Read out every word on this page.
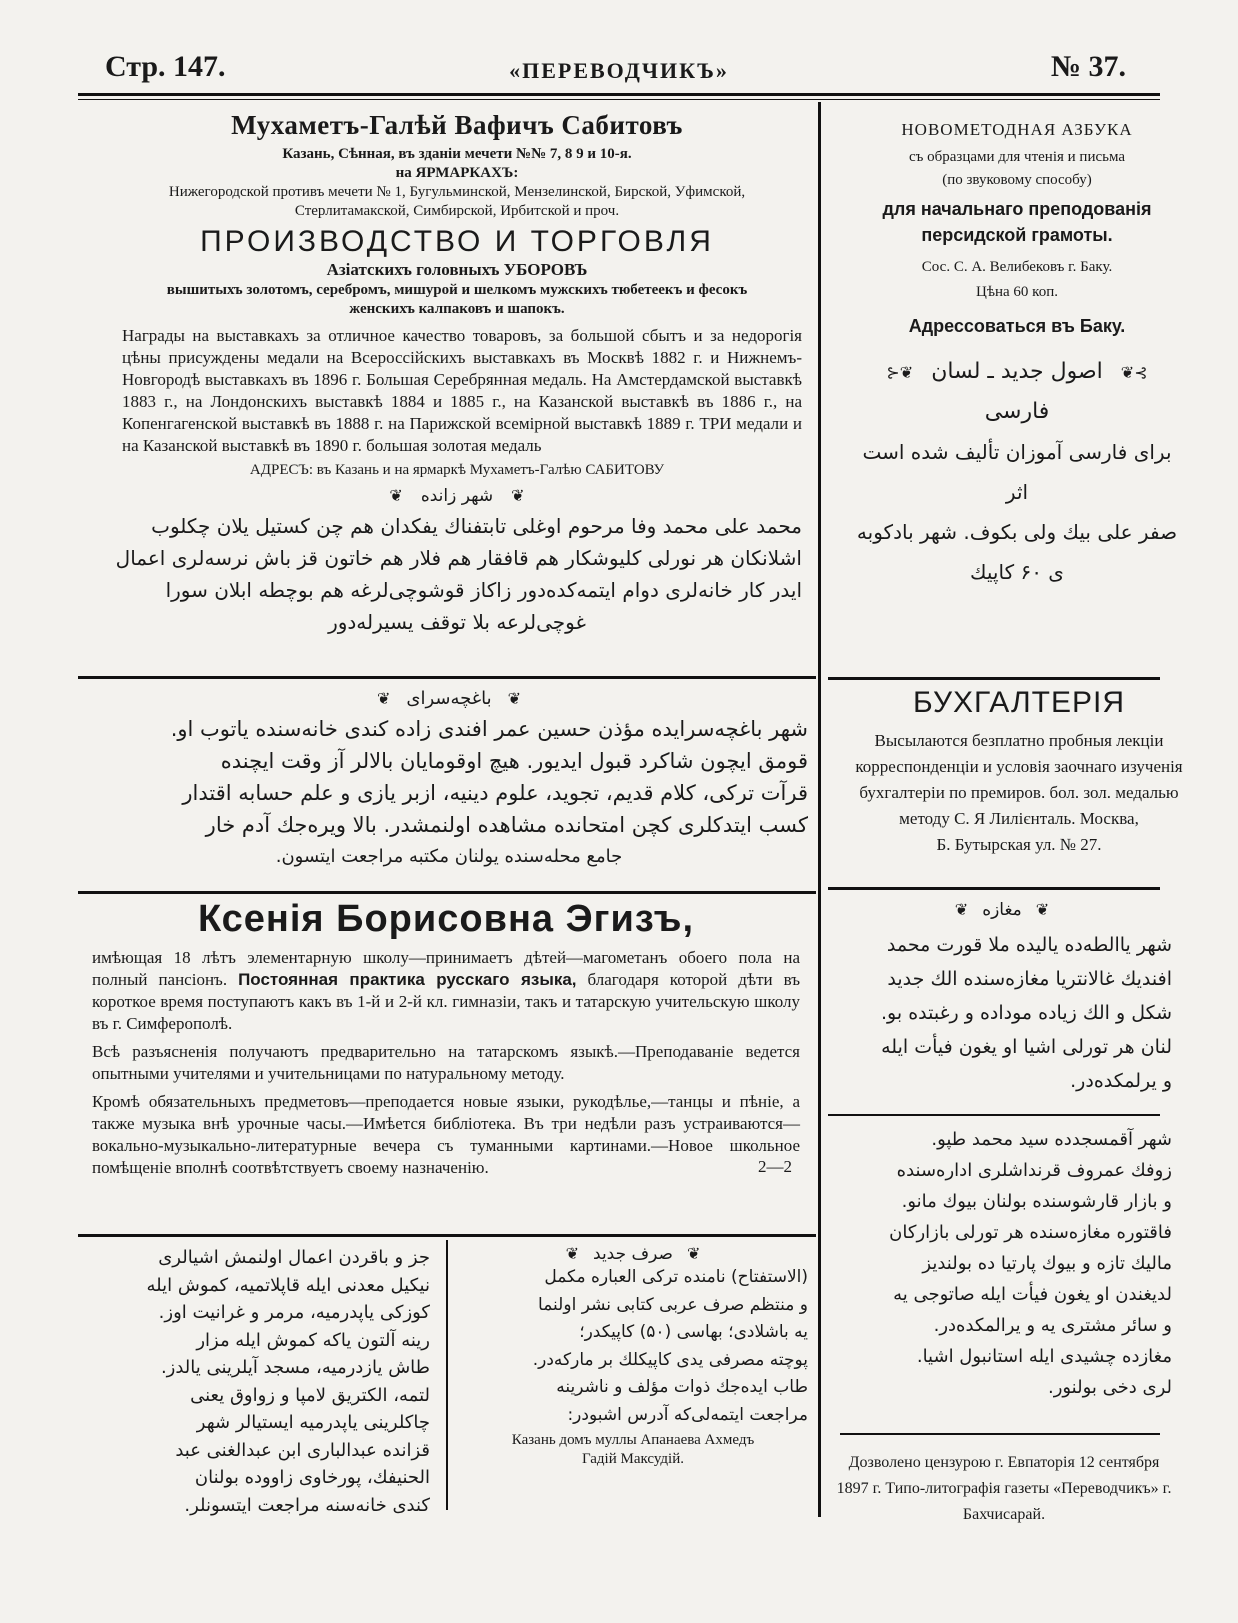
Стр. 147.	«ПЕРЕВОДЧИКЪ»	№ 37.
Мухаметъ-Галѣй Вафичъ Сабитовъ
Казань, Сѣнная, въ зданіи мечети №№ 7, 8 9 и 10-я.
на ЯРМАРКАХЪ:
Нижегородской противъ мечети № 1, Бугульминской, Мензелинской, Бирской, Уфимской, Стерлитамакской, Симбирской, Ирбитской и проч.
ПРОИЗВОДСТВО И ТОРГОВЛЯ
Азіатскихъ головныхъ УБОРОВЪ
вышитыхъ золотомъ, серебромъ, мишурой и шелкомъ мужскихъ тюбетеекъ и фесокъ женскихъ калпаковъ и шапокъ.
Награды на выставкахъ за отличное качество товаровъ, за большой сбытъ и за недорогія цѣны присуждены медали на Всероссійскихъ выставкахъ въ Москвѣ 1882 г. и Нижнемъ-Новгородѣ выставкахъ въ 1896 г. Большая Серебрянная медаль. На Амстердамской выставкѣ 1883 г., на Лондонскихъ выставкѣ 1884 и 1885 г., на Казанской выставкѣ въ 1886 г., на Копенгагенской выставкѣ въ 1888 г. на Парижской всемірной выставкѣ 1889 г. ТРИ медали и на Казанской выставкѣ въ 1890 г. большая золотая медаль
АДРЕСЪ: въ Казань и на ярмаркѣ Мухаметъ-Галѣю САБИТОВУ
❦ شهر زانده ❦

محمد علی محمد وفا مرحوم اوغلی تابتفناك يفكدان هم چن كستيل يلان چكلوب

اشلانكان هر نورلی كليوشكار هم قافقار هم فلار هم خاتون قز باش نرسه‌لری اعمال

ايدر كار خانه‌لری دوام ايتمه‌كده‌دور زاكاز قوشوچی‌لرغه هم بوچطه ابلان سورا

غوچی‌لرعه بلا توقف يسيرله‌دور

❦ باغچه‌سرای ❦

شهر باغچه‌سرايده مؤذن حسين عمر افندی زاده كندی خانه‌سنده ياتوب او.

قومق ايچون شاكرد قبول ايديور. هيچ اوقومايان بالالر آز وقت ايچنده

قرآت تركی، كلام قديم، تجويد، علوم دينيه، ازبر يازی و علم حسابه اقتدار

كسب ايتدكلری كچن امتحانده مشاهده اولنمشدر. بالا ويره‌جك آدم خار

جامع محله‌سنده يولنان مكتبه مراجعت ايتسون.

Ксенія Борисовна Эгизъ,
имѣющая 18 лѣтъ элементарную школу—принимаетъ дѣтей—магометанъ обоего пола на полный пансіонъ. Постоянная практика русскаго языка, благодаря которой дѣти въ короткое время поступаютъ какъ въ 1-й и 2-й кл. гимназіи, такъ и татарскую учительскую школу въ г. Симферополѣ.
Всѣ разъясненія получаютъ предварительно на татарскомъ языкѣ.—Преподаваніе ведется опытными учителями и учительницами по натуральному методу.
Кромѣ обязательныхъ предметовъ—преподается новые языки, рукодѣлье,—танцы и пѣніе, а также музыка внѣ урочные часы.—Имѣется библіотека. Въ три недѣли разъ устраиваются—вокально-музыкально-литературные вечера съ туманными картинами.—Новое школьное помѣщеніе вполнѣ соотвѣтствуетъ своему назначенію.	2—2

جز و باقردن اعمال اولنمش اشيالری

نيكيل معدنی ايله قاپلاتميه، كموش ايله

كوزكی ياپدرميه، مرمر و غرانيت اوز.

رينه آلتون ياكه كموش ايله مزار

طاش يازدرميه، مسجد آيلرينی يالدز.

لتمه، الكتريق لامپا و زواوق يعنی

چاكلرينی ياپدرميه ايستيالر شهر

قزانده عبدالباری ابن عبدالغنی عبد

الحنيفك، پورخاوی زاووده بولنان

كندی خانه‌سنه مراجعت ايتسونلر.

❦ صرف جديد ❦

(الاستفتاح) نامنده تركی العباره مكمل

و منتظم صرف عربی كتابی نشر اولنما

يه باشلادی؛ بهاسی (۵۰) كاپيكدر؛

پوچته مصرفی يدی كاپيكلك بر ماركه‌در.

طاب ايده‌جك ذوات مؤلف و ناشرينه

مراجعت ايتمه‌لی‌كه آدرس اشبودر:

Казань домъ муллы Апанаева Ахмедъ
Гадій Максудій.
НОВОМЕТОДНАЯ АЗБУКА
съ образцами для чтенія и письма
(по звуковому способу)
для начальнаго преподованія персидской грамоты.
Сос. С. А. Велибековъ г. Баку.
Цѣна 60 коп.
Адрессоваться въ Баку.
⊱❦ اصول جديد ـ لسان ❦⊰

فارسی

برای فارسی آموزان تأليف شده است

اثر

صفر علی بيك ولی بكوف. شهر بادكوبه

ی ۶۰ كاپيك

БУХГАЛТЕРІЯ
Высылаются безплатно пробныя лекціи корреспонденціи и условія заочнаго изученія бухгалтеріи по премиров. бол. зол. медалью методу С. Я Лилієнталь. Москва,
Б. Бутырская ул. № 27.
❦ مغازه ❦

شهر ياالطه‌ده ياليده ملا قورت محمد

افنديك غالانتريا مغازه‌سنده الك جديد

شكل و الك زياده موداده و رغبتده بو.

لنان هر تورلی اشيا او يغون فيأت ايله

و يرلمكده‌در.

شهر آقمسجدده سيد محمد طپو.

زوفك عمروف قرنداشلری اداره‌سنده

و بازار قارشوسنده بولنان بيوك مانو.

فاقتوره مغازه‌سنده هر تورلی بازاركان

ماليك تازه و بيوك پارتيا ده بولنديز

لديغندن او يغون فيأت ايله صاتوجی يه

و سائر مشتری يه و يرالمكده‌در.

مغازده چشيدی ايله استانبول اشيا.

لری دخی بولنور.

Дозволено цензурою г. Евпаторія 12 сентября 1897 г. Типо-литографія газеты «Переводчикъ» г. Бахчисарай.
